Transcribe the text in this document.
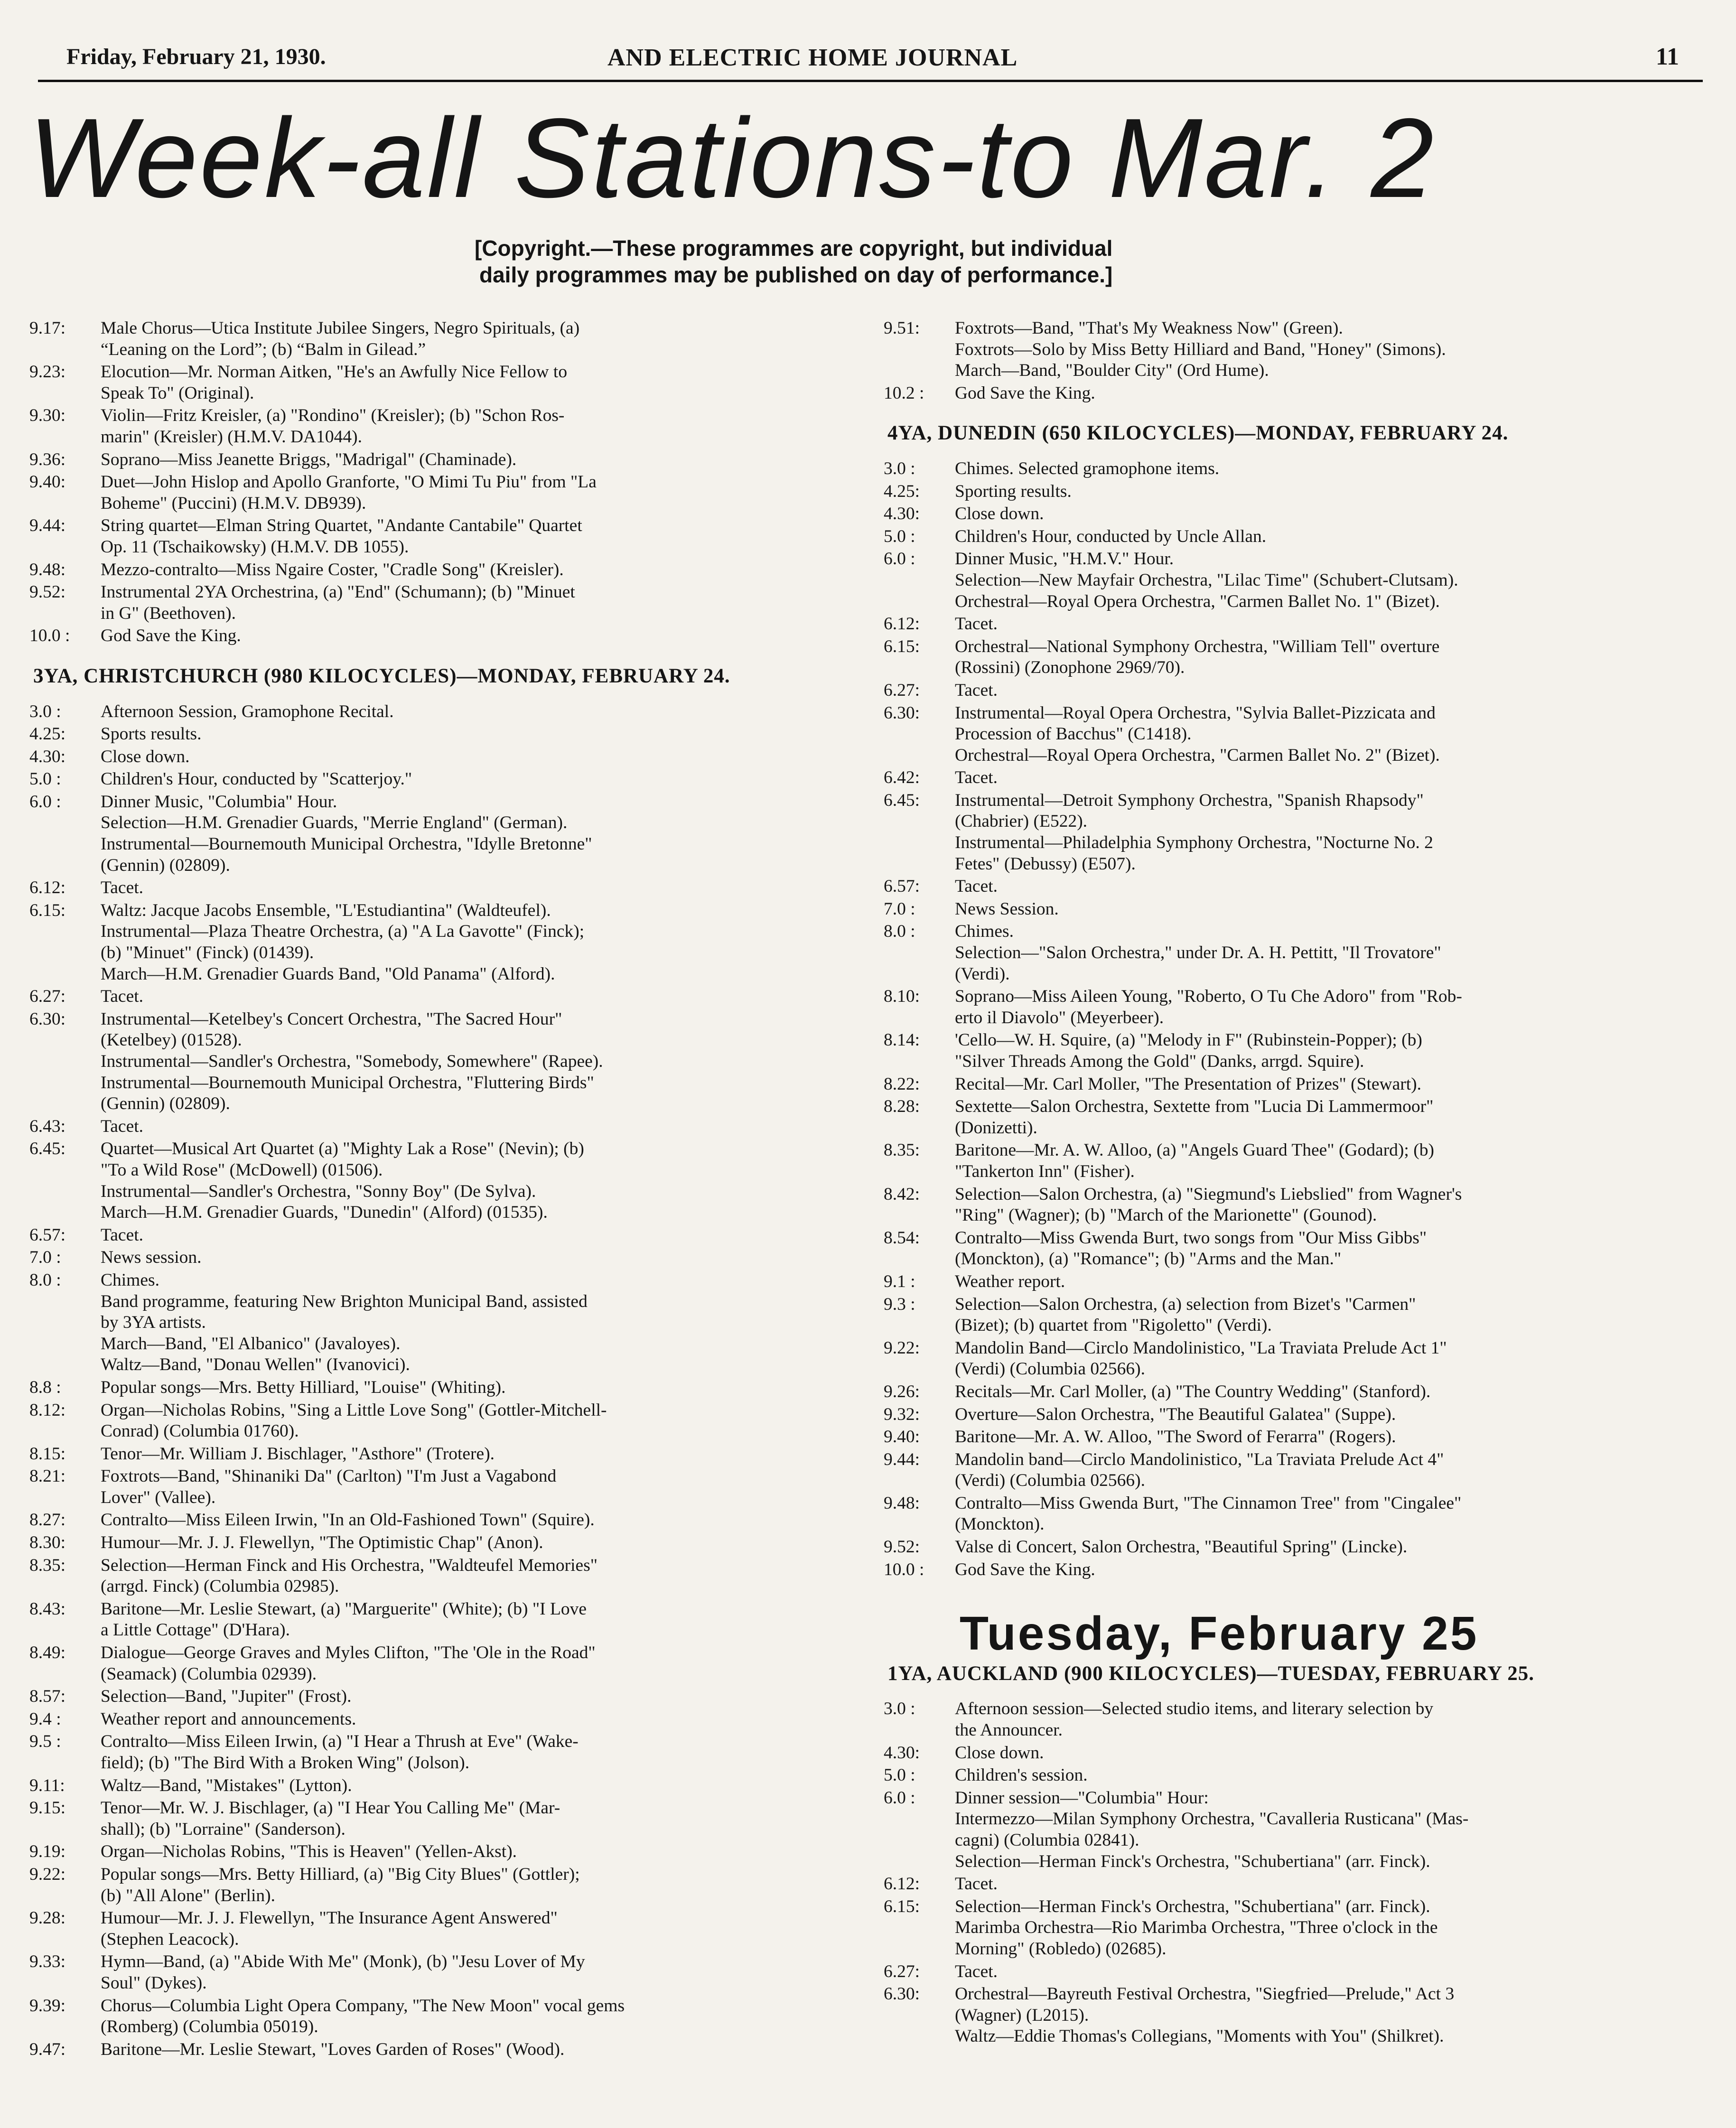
Friday, February 21, 1930.	AND ELECTRIC HOME JOURNAL	11
Week-all Stations-to Mar. 2
[Copyright.—These programmes are copyright, but individual
daily programmes may be published on day of performance.]
9.17:	Male Chorus—Utica Institute Jubilee Singers, Negro Spirituals, (a)
“Leaning on the Lord”; (b) “Balm in Gilead.”
9.23:	Elocution—Mr. Norman Aitken, "He's an Awfully Nice Fellow to
Speak To" (Original).
9.30:	Violin—Fritz Kreisler, (a) "Rondino" (Kreisler); (b) "Schon Ros-
marin" (Kreisler) (H.M.V. DA1044).
9.36:	Soprano—Miss Jeanette Briggs, "Madrigal" (Chaminade).
9.40:	Duet—John Hislop and Apollo Granforte, "O Mimi Tu Piu" from "La
Boheme" (Puccini) (H.M.V. DB939).
9.44:	String quartet—Elman String Quartet, "Andante Cantabile" Quartet
Op. 11 (Tschaikowsky) (H.M.V. DB 1055).
9.48:	Mezzo-contralto—Miss Ngaire Coster, "Cradle Song" (Kreisler).
9.52:	Instrumental 2YA Orchestrina, (a) "End" (Schumann); (b) "Minuet
in G" (Beethoven).
10.0 :	God Save the King.
3YA, CHRISTCHURCH (980 KILOCYCLES)—MONDAY, FEBRUARY 24.
3.0 :	Afternoon Session, Gramophone Recital.
4.25:	Sports results.
4.30:	Close down.
5.0 :	Children's Hour, conducted by "Scatterjoy."
6.0 :	Dinner Music, "Columbia" Hour.
Selection—H.M. Grenadier Guards, "Merrie England" (German).
Instrumental—Bournemouth Municipal Orchestra, "Idylle Bretonne"
(Gennin) (02809).
6.12:	Tacet.
6.15:	Waltz: Jacque Jacobs Ensemble, "L'Estudiantina" (Waldteufel).
Instrumental—Plaza Theatre Orchestra, (a) "A La Gavotte" (Finck);
(b) "Minuet" (Finck) (01439).
March—H.M. Grenadier Guards Band, "Old Panama" (Alford).
6.27:	Tacet.
6.30:	Instrumental—Ketelbey's Concert Orchestra, "The Sacred Hour"
(Ketelbey) (01528).
Instrumental—Sandler's Orchestra, "Somebody, Somewhere" (Rapee).
Instrumental—Bournemouth Municipal Orchestra, "Fluttering Birds"
(Gennin) (02809).
6.43:	Tacet.
6.45:	Quartet—Musical Art Quartet (a) "Mighty Lak a Rose" (Nevin); (b)
"To a Wild Rose" (McDowell) (01506).
Instrumental—Sandler's Orchestra, "Sonny Boy" (De Sylva).
March—H.M. Grenadier Guards, "Dunedin" (Alford) (01535).
6.57:	Tacet.
7.0 :	News session.
8.0 :	Chimes.
Band programme, featuring New Brighton Municipal Band, assisted
by 3YA artists.
March—Band, "El Albanico" (Javaloyes).
Waltz—Band, "Donau Wellen" (Ivanovici).
8.8 :	Popular songs—Mrs. Betty Hilliard, "Louise" (Whiting).
8.12:	Organ—Nicholas Robins, "Sing a Little Love Song" (Gottler-Mitchell-
Conrad) (Columbia 01760).
8.15:	Tenor—Mr. William J. Bischlager, "Asthore" (Trotere).
8.21:	Foxtrots—Band, "Shinaniki Da" (Carlton) "I'm Just a Vagabond
Lover" (Vallee).
8.27:	Contralto—Miss Eileen Irwin, "In an Old-Fashioned Town" (Squire).
8.30:	Humour—Mr. J. J. Flewellyn, "The Optimistic Chap" (Anon).
8.35:	Selection—Herman Finck and His Orchestra, "Waldteufel Memories"
(arrgd. Finck) (Columbia 02985).
8.43:	Baritone—Mr. Leslie Stewart, (a) "Marguerite" (White); (b) "I Love
a Little Cottage" (D'Hara).
8.49:	Dialogue—George Graves and Myles Clifton, "The 'Ole in the Road"
(Seamack) (Columbia 02939).
8.57:	Selection—Band, "Jupiter" (Frost).
9.4 :	Weather report and announcements.
9.5 :	Contralto—Miss Eileen Irwin, (a) "I Hear a Thrush at Eve" (Wake-
field); (b) "The Bird With a Broken Wing" (Jolson).
9.11:	Waltz—Band, "Mistakes" (Lytton).
9.15:	Tenor—Mr. W. J. Bischlager, (a) "I Hear You Calling Me" (Mar-
shall); (b) "Lorraine" (Sanderson).
9.19:	Organ—Nicholas Robins, "This is Heaven" (Yellen-Akst).
9.22:	Popular songs—Mrs. Betty Hilliard, (a) "Big City Blues" (Gottler);
(b) "All Alone" (Berlin).
9.28:	Humour—Mr. J. J. Flewellyn, "The Insurance Agent Answered"
(Stephen Leacock).
9.33:	Hymn—Band, (a) "Abide With Me" (Monk), (b) "Jesu Lover of My
Soul" (Dykes).
9.39:	Chorus—Columbia Light Opera Company, "The New Moon" vocal gems
(Romberg) (Columbia 05019).
9.47:	Baritone—Mr. Leslie Stewart, "Loves Garden of Roses" (Wood).
9.51:	Foxtrots—Band, "That's My Weakness Now" (Green).
Foxtrots—Solo by Miss Betty Hilliard and Band, "Honey" (Simons).
March—Band, "Boulder City" (Ord Hume).
10.2 :	God Save the King.
4YA, DUNEDIN (650 KILOCYCLES)—MONDAY, FEBRUARY 24.
3.0 :	Chimes. Selected gramophone items.
4.25:	Sporting results.
4.30:	Close down.
5.0 :	Children's Hour, conducted by Uncle Allan.
6.0 :	Dinner Music, "H.M.V." Hour.
Selection—New Mayfair Orchestra, "Lilac Time" (Schubert-Clutsam).
Orchestral—Royal Opera Orchestra, "Carmen Ballet No. 1" (Bizet).
6.12:	Tacet.
6.15:	Orchestral—National Symphony Orchestra, "William Tell" overture
(Rossini) (Zonophone 2969/70).
6.27:	Tacet.
6.30:	Instrumental—Royal Opera Orchestra, "Sylvia Ballet-Pizzicata and
Procession of Bacchus" (C1418).
Orchestral—Royal Opera Orchestra, "Carmen Ballet No. 2" (Bizet).
6.42:	Tacet.
6.45:	Instrumental—Detroit Symphony Orchestra, "Spanish Rhapsody"
(Chabrier) (E522).
Instrumental—Philadelphia Symphony Orchestra, "Nocturne No. 2
Fetes" (Debussy) (E507).
6.57:	Tacet.
7.0 :	News Session.
8.0 :	Chimes.
Selection—"Salon Orchestra," under Dr. A. H. Pettitt, "Il Trovatore"
(Verdi).
8.10:	Soprano—Miss Aileen Young, "Roberto, O Tu Che Adoro" from "Rob-
erto il Diavolo" (Meyerbeer).
8.14:	'Cello—W. H. Squire, (a) "Melody in F" (Rubinstein-Popper); (b)
"Silver Threads Among the Gold" (Danks, arrgd. Squire).
8.22:	Recital—Mr. Carl Moller, "The Presentation of Prizes" (Stewart).
8.28:	Sextette—Salon Orchestra, Sextette from "Lucia Di Lammermoor"
(Donizetti).
8.35:	Baritone—Mr. A. W. Alloo, (a) "Angels Guard Thee" (Godard); (b)
"Tankerton Inn" (Fisher).
8.42:	Selection—Salon Orchestra, (a) "Siegmund's Liebslied" from Wagner's
"Ring" (Wagner); (b) "March of the Marionette" (Gounod).
8.54:	Contralto—Miss Gwenda Burt, two songs from "Our Miss Gibbs"
(Monckton), (a) "Romance"; (b) "Arms and the Man."
9.1 :	Weather report.
9.3 :	Selection—Salon Orchestra, (a) selection from Bizet's "Carmen"
(Bizet); (b) quartet from "Rigoletto" (Verdi).
9.22:	Mandolin Band—Circlo Mandolinistico, "La Traviata Prelude Act 1"
(Verdi) (Columbia 02566).
9.26:	Recitals—Mr. Carl Moller, (a) "The Country Wedding" (Stanford).
9.32:	Overture—Salon Orchestra, "The Beautiful Galatea" (Suppe).
9.40:	Baritone—Mr. A. W. Alloo, "The Sword of Ferarra" (Rogers).
9.44:	Mandolin band—Circlo Mandolinistico, "La Traviata Prelude Act 4"
(Verdi) (Columbia 02566).
9.48:	Contralto—Miss Gwenda Burt, "The Cinnamon Tree" from "Cingalee"
(Monckton).
9.52:	Valse di Concert, Salon Orchestra, "Beautiful Spring" (Lincke).
10.0 :	God Save the King.
Tuesday, February 25
1YA, AUCKLAND (900 KILOCYCLES)—TUESDAY, FEBRUARY 25.
3.0 :	Afternoon session—Selected studio items, and literary selection by
the Announcer.
4.30:	Close down.
5.0 :	Children's session.
6.0 :	Dinner session—"Columbia" Hour:
Intermezzo—Milan Symphony Orchestra, "Cavalleria Rusticana" (Mas-
cagni) (Columbia 02841).
Selection—Herman Finck's Orchestra, "Schubertiana" (arr. Finck).
6.12:	Tacet.
6.15:	Selection—Herman Finck's Orchestra, "Schubertiana" (arr. Finck).
Marimba Orchestra—Rio Marimba Orchestra, "Three o'clock in the
Morning" (Robledo) (02685).
6.27:	Tacet.
6.30:	Orchestral—Bayreuth Festival Orchestra, "Siegfried—Prelude," Act 3
(Wagner) (L2015).
Waltz—Eddie Thomas's Collegians, "Moments with You" (Shilkret).
